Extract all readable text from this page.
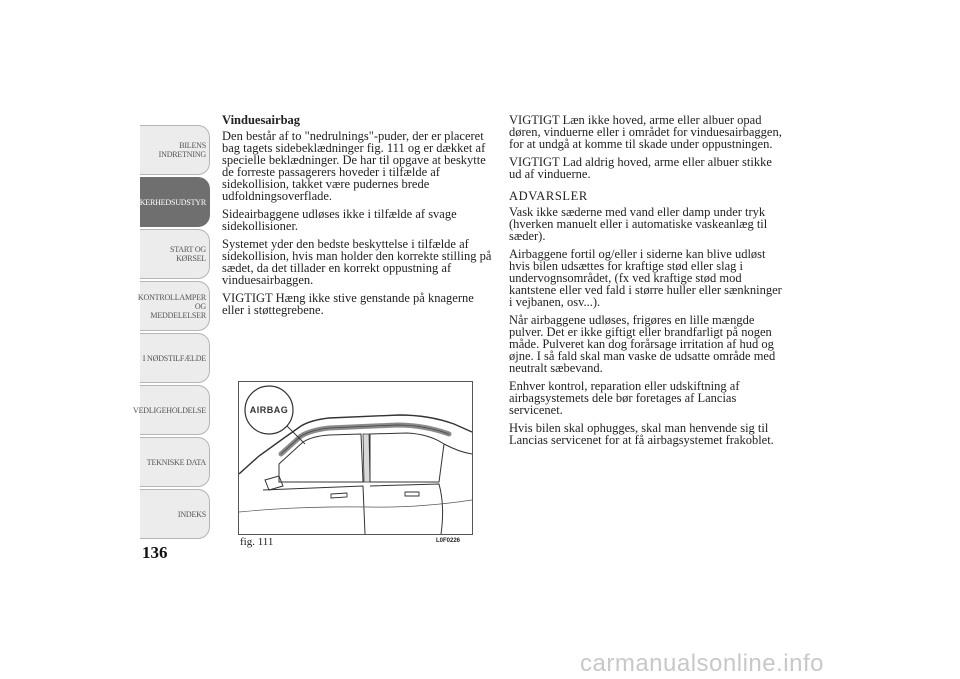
BILENS
INDRETNING
SIKKERHEDSUDSTYR
START OG KØRSEL
KONTROLLAMPER
OG MEDDELELSER
I NØDSTILFÆLDE
VEDLIGEHOLDELSE
TEKNISKE DATA
INDEKS
136

Vinduesairbag

Den består af to "nedrulnings"-puder, der er placeret bag tagets sidebeklædninger fig. 111 og er dækket af specielle beklædninger. De har til opgave at beskytte de forreste passagerers hoveder i tilfælde af sidekollision, takket være pudernes brede udfoldningsoverflade.

Sideairbaggene udløses ikke i tilfælde af svage sidekollisioner.

Systemet yder den bedste beskyttelse i tilfælde af sidekollision, hvis man holder den korrekte stilling på sædet, da det tillader en korrekt oppustning af vinduesairbaggen.

VIGTIGT Hæng ikke stive genstande på knagerne eller i støttegrebene.

VIGTIGT Læn ikke hoved, arme eller albuer opad døren, vinduerne eller i området for vinduesairbaggen, for at undgå at komme til skade under oppustningen.

VIGTIGT Lad aldrig hoved, arme eller albuer stikke ud af vinduerne.

ADVARSLER

Vask ikke sæderne med vand eller damp under tryk (hverken manuelt eller i automatiske vaskeanlæg til sæder).

Airbaggene fortil og/eller i siderne kan blive udløst hvis bilen udsættes for kraftige stød eller slag i undervognsområdet, (fx ved kraftige stød mod kantstene eller ved fald i større huller eller sænkninger i vejbanen, osv...).

Når airbaggene udløses, frigøres en lille mængde pulver. Det er ikke giftigt eller brandfarligt på nogen måde. Pulveret kan dog forårsage irritation af hud og øjne. I så fald skal man vaske de udsatte område med neutralt sæbevand.

Enhver kontrol, reparation eller udskiftning af airbagsystemets dele bør foretages af Lancias servicenet.

Hvis bilen skal ophugges, skal man henvende sig til Lancias servicenet for at få airbagsystemet frakoblet.

AIRBAG
fig. 111	L0F0226
carmanualsonline.info
